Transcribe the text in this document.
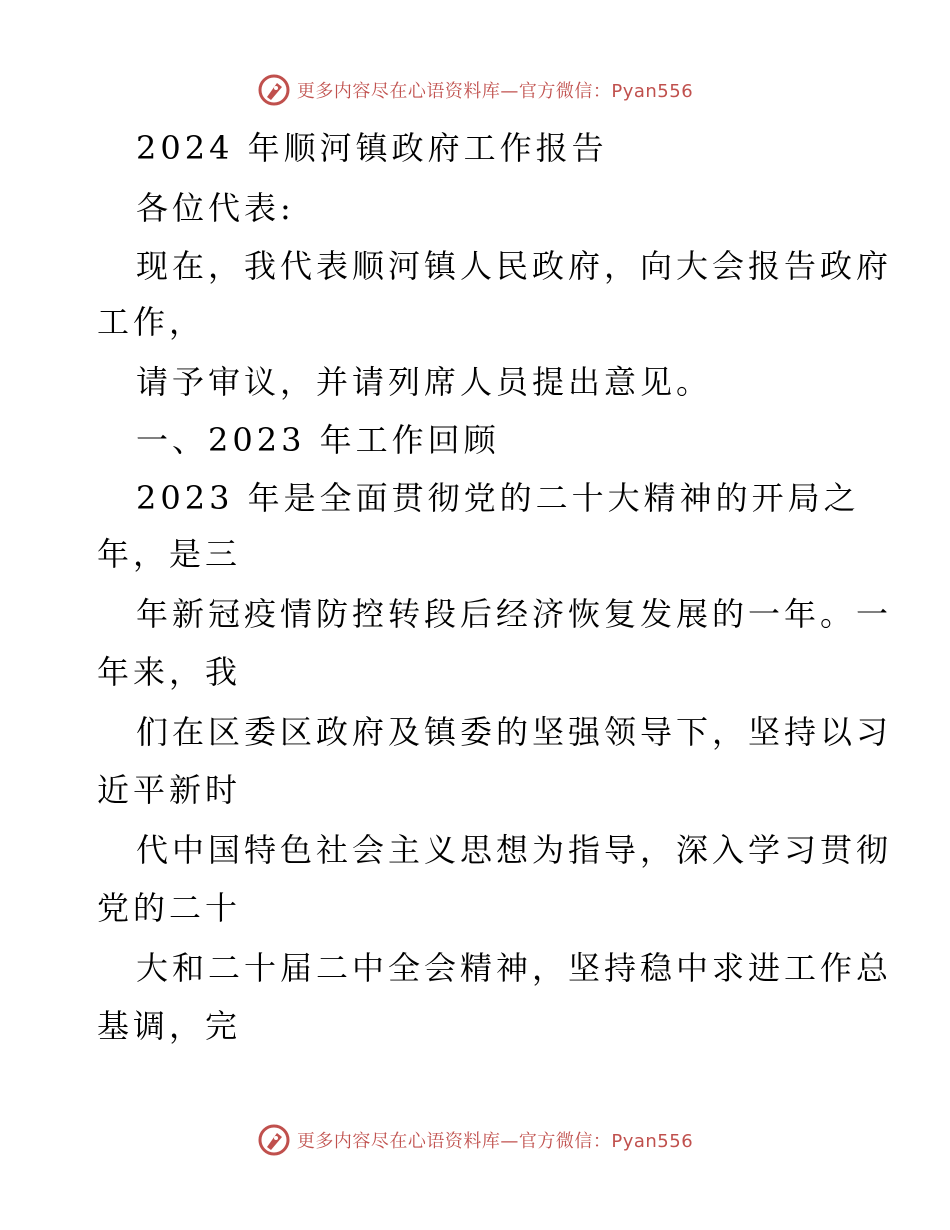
更多内容尽在心语资料库—官方微信：Pyan556
2024 年顺河镇政府工作报告
各位代表:
现在，我代表顺河镇人民政府，向大会报告政府
工作，
请予审议，并请列席人员提出意见。
一、2023 年工作回顾
2023 年是全面贯彻党的二十大精神的开局之
年，是三
年新冠疫情防控转段后经济恢复发展的一年。一
年来，我
们在区委区政府及镇委的坚强领导下，坚持以习
近平新时
代中国特色社会主义思想为指导，深入学习贯彻
党的二十
大和二十届二中全会精神，坚持稳中求进工作总
基调，完
更多内容尽在心语资料库—官方微信：Pyan556
